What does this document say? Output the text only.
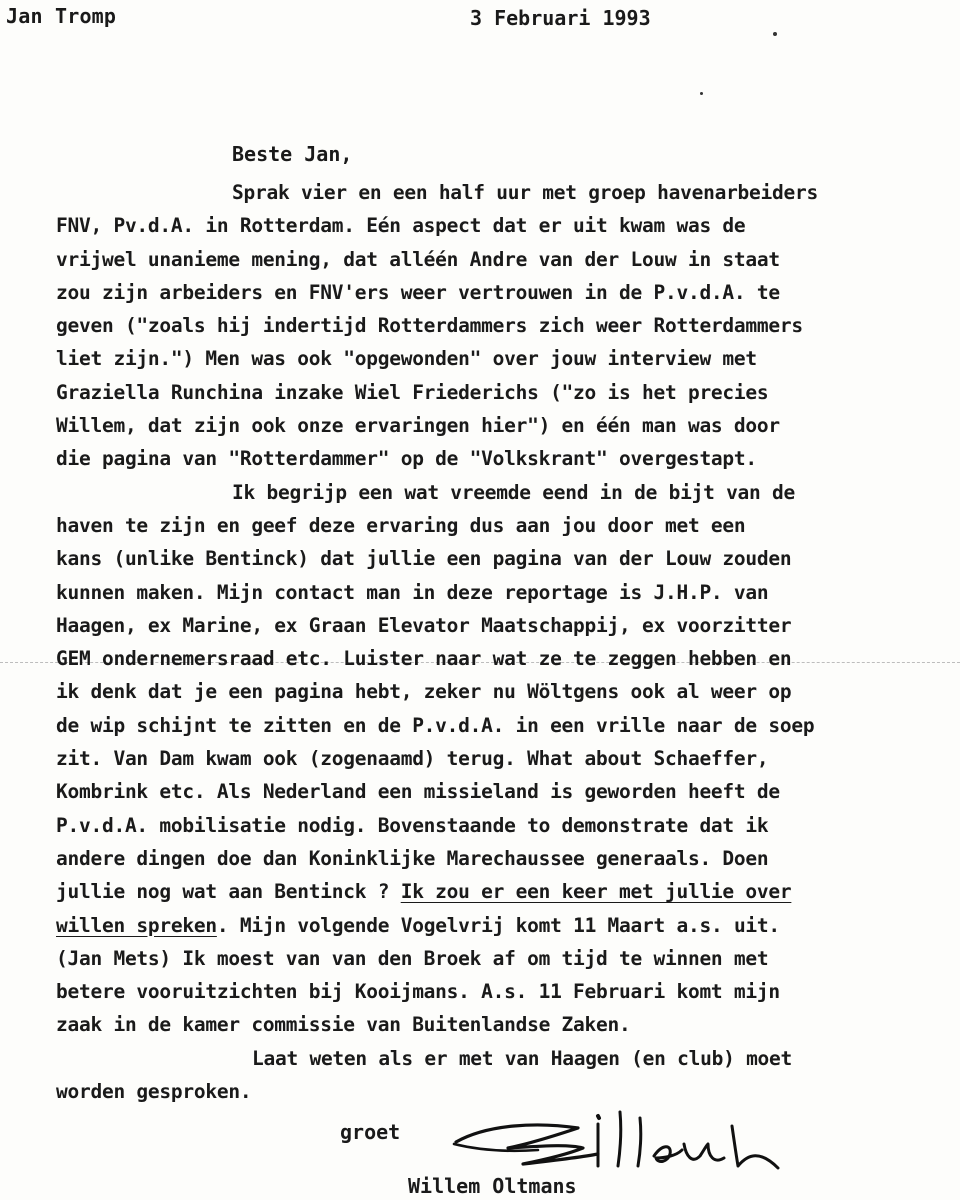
Jan Tromp	3 Februari 1993
Beste Jan,
Sprak vier en een half uur met groep havenarbeiders
FNV, Pv.d.A. in Rotterdam. Eén aspect dat er uit kwam was de
vrijwel unanieme mening, dat alléén Andre van der Louw in staat
zou zijn arbeiders en FNV'ers weer vertrouwen in de P.v.d.A. te
geven ("zoals hij indertijd Rotterdammers zich weer Rotterdammers
liet zijn.") Men was ook "opgewonden" over jouw interview met
Graziella Runchina inzake Wiel Friederichs ("zo is het precies
Willem, dat zijn ook onze ervaringen hier") en één man was door
die pagina van "Rotterdammer" op de "Volkskrant" overgestapt.
Ik begrijp een wat vreemde eend in de bijt van de
haven te zijn en geef deze ervaring dus aan jou door met een
kans (unlike Bentinck) dat jullie een pagina van der Louw zouden
kunnen maken. Mijn contact man in deze reportage is J.H.P. van
Haagen, ex Marine, ex Graan Elevator Maatschappij, ex voorzitter
GEM ondernemersraad etc. Luister naar wat ze te zeggen hebben en
ik denk dat je een pagina hebt, zeker nu Wöltgens ook al weer op
de wip schijnt te zitten en de P.v.d.A. in een vrille naar de soep
zit. Van Dam kwam ook (zogenaamd) terug. What about Schaeffer,
Kombrink etc. Als Nederland een missieland is geworden heeft de
P.v.d.A. mobilisatie nodig. Bovenstaande to demonstrate dat ik
andere dingen doe dan Koninklijke Marechaussee generaals. Doen
jullie nog wat aan Bentinck ? Ik zou er een keer met jullie over
willen spreken. Mijn volgende Vogelvrij komt 11 Maart a.s. uit.
(Jan Mets) Ik moest van van den Broek af om tijd te winnen met
betere vooruitzichten bij Kooijmans. A.s. 11 Februari komt mijn
zaak in de kamer commissie van Buitenlandse Zaken.
Laat weten als er met van Haagen (en club) moet
worden gesproken.
groet
Willem Oltmans
